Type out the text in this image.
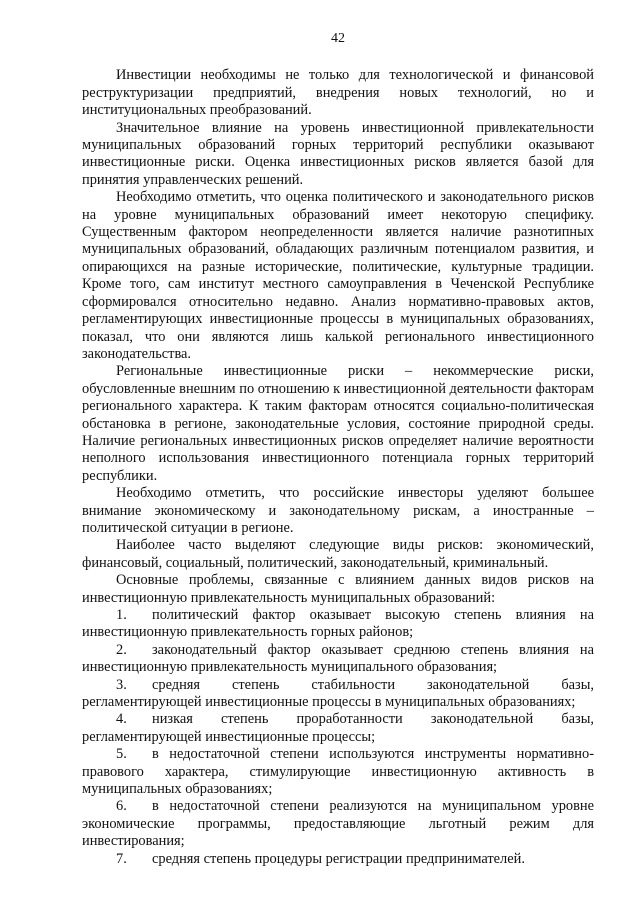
42

Инвестиции необходимы не только для технологической и финансовой реструктуризации предприятий, внедрения новых технологий, но и институциональных преобразований.

Значительное влияние на уровень инвестиционной привлекательности муниципальных образований горных территорий республики оказывают инвестиционные риски. Оценка инвестиционных рисков является базой для принятия управленческих решений.

Необходимо отметить, что оценка политического и законодательного рисков на уровне муниципальных образований имеет некоторую специфику. Существенным фактором неопределенности является наличие разнотипных муниципальных образований, обладающих различным потенциалом развития, и опирающихся на разные исторические, политические, культурные традиции. Кроме того, сам институт местного самоуправления в Чеченской Республике сформировался относительно недавно. Анализ нормативно-правовых актов, регламентирующих инвестиционные процессы в муниципальных образованиях, показал, что они являются лишь калькой регионального инвестиционного законодательства.

Региональные инвестиционные риски – некоммерческие риски, обусловленные внешним по отношению к инвестиционной деятельности факторам регионального характера. К таким факторам относятся социально-политическая обстановка в регионе, законодательные условия, состояние природной среды. Наличие региональных инвестиционных рисков определяет наличие вероятности неполного использования инвестиционного потенциала горных территорий республики.

Необходимо отметить, что российские инвесторы уделяют большее внимание экономическому и законодательному рискам, а иностранные – политической ситуации в регионе.

Наиболее часто выделяют следующие виды рисков: экономический, финансовый, социальный, политический, законодательный, криминальный.

Основные проблемы, связанные с влиянием данных видов рисков на инвестиционную привлекательность муниципальных образований:

1. политический фактор оказывает высокую степень влияния на инвестиционную привлекательность горных районов;

2. законодательный фактор оказывает среднюю степень влияния на инвестиционную привлекательность муниципального образования;

3. средняя степень стабильности законодательной базы, регламентирующей инвестиционные процессы в муниципальных образованиях;

4. низкая степень проработанности законодательной базы, регламентирующей инвестиционные процессы;

5. в недостаточной степени используются инструменты нормативно-правового характера, стимулирующие инвестиционную активность в муниципальных образованиях;

6. в недостаточной степени реализуются на муниципальном уровне экономические программы, предоставляющие льготный режим для инвестирования;

7. средняя степень процедуры регистрации предпринимателей.
